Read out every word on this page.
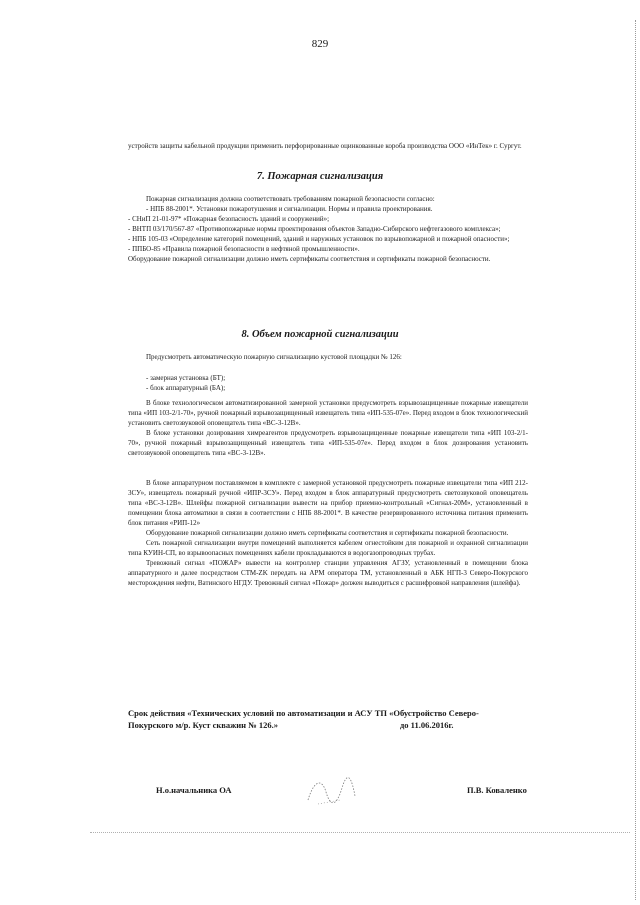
829

устройств защиты кабельной продукции применить перфорированные оцинкованные короба производства ООО «ИнТек» г. Сургут.

7. Пожарная сигнализация

Пожарная сигнализация должна соответствовать требованиям пожарной безопасности согласно:

- НПБ 88-2001*. Установки пожаротушения и сигнализации. Нормы и правила проектирования.

- СНиП 21-01-97* «Пожарная безопасность зданий и сооружений»;

- ВНТП 03/170/567-87 «Противопожарные нормы проектирования объектов Западно-Сибирского нефтегазового комплекса»;

- НПБ 105-03 «Определение категорий помещений, зданий и наружных установок по взрывопожарной и пожарной опасности»;

- ППБО-85 «Правила пожарной безопасности в нефтяной промышленности».

Оборудование пожарной сигнализации должно иметь сертификаты соответствия и сертификаты пожарной безопасности.

8. Объем пожарной сигнализации

Предусмотреть автоматическую пожарную сигнализацию кустовой площадки № 126:

- замерная установка (БТ);

- блок аппаратурный (БА);

В блоке технологическом автоматизированной замерной установки предусмотреть взрывозащищенные пожарные извещатели типа «ИП 103-2/1-70», ручной пожарный взрывозащищенный извещатель типа «ИП-535-07е». Перед входом в блок технологический установить светозвуковой оповещатель типа «ВС-3-12В».

В блоке установки дозирования химреагентов предусмотреть взрывозащищенные пожарные извещатели типа «ИП 103-2/1-70», ручной пожарный взрывозащищенный извещатель типа «ИП-535-07е». Перед входом в блок дозирования установить светозвуковой оповещатель типа «ВС-3-12В».

В блоке аппаратурном поставляемом в комплекте с замерной установкой предусмотреть пожарные извещатели типа «ИП 212-3СУ», извещатель пожарный ручной «ИПР-3СУ». Перед входом в блок аппаратурный предусмотреть светозвуковой оповещатель типа «ВС-3-12В». Шлейфы пожарной сигнализации вывести на прибор приемно-контрольный «Сигнал-20М», установленный в помещении блока автоматики в связи в соответствии с НПБ 88-2001*. В качестве резервированного источника питания применить блок питания «РИП-12»

Оборудование пожарной сигнализации должно иметь сертификаты соответствия и сертификаты пожарной безопасности.

Сеть пожарной сигнализации внутри помещений выполняется кабелем огнестойким для пожарной и охранной сигнализации типа КУИН-СП, во взрывоопасных помещениях кабели прокладываются в водогазопроводных трубах.

Тревожный сигнал «ПОЖАР» вывести на контроллер станции управления АГЗУ, установленный в помещении блока аппаратурного и далее посредством СТМ-ZK передать на АРМ оператора ТМ, установленный в АБК НГП-3 Северо-Покурского месторождения нефти, Ватинского НГДУ. Тревожный сигнал «Пожар» должен выводиться с расшифровкой направления (шлейфа).

Срок действия «Технических условий по автоматизации и АСУ ТП «Обустройство Северо-
Покурского м/р. Куст скважин № 126.»	до 11.06.2016г.
Н.о.начальника ОА	П.В. Коваленко
